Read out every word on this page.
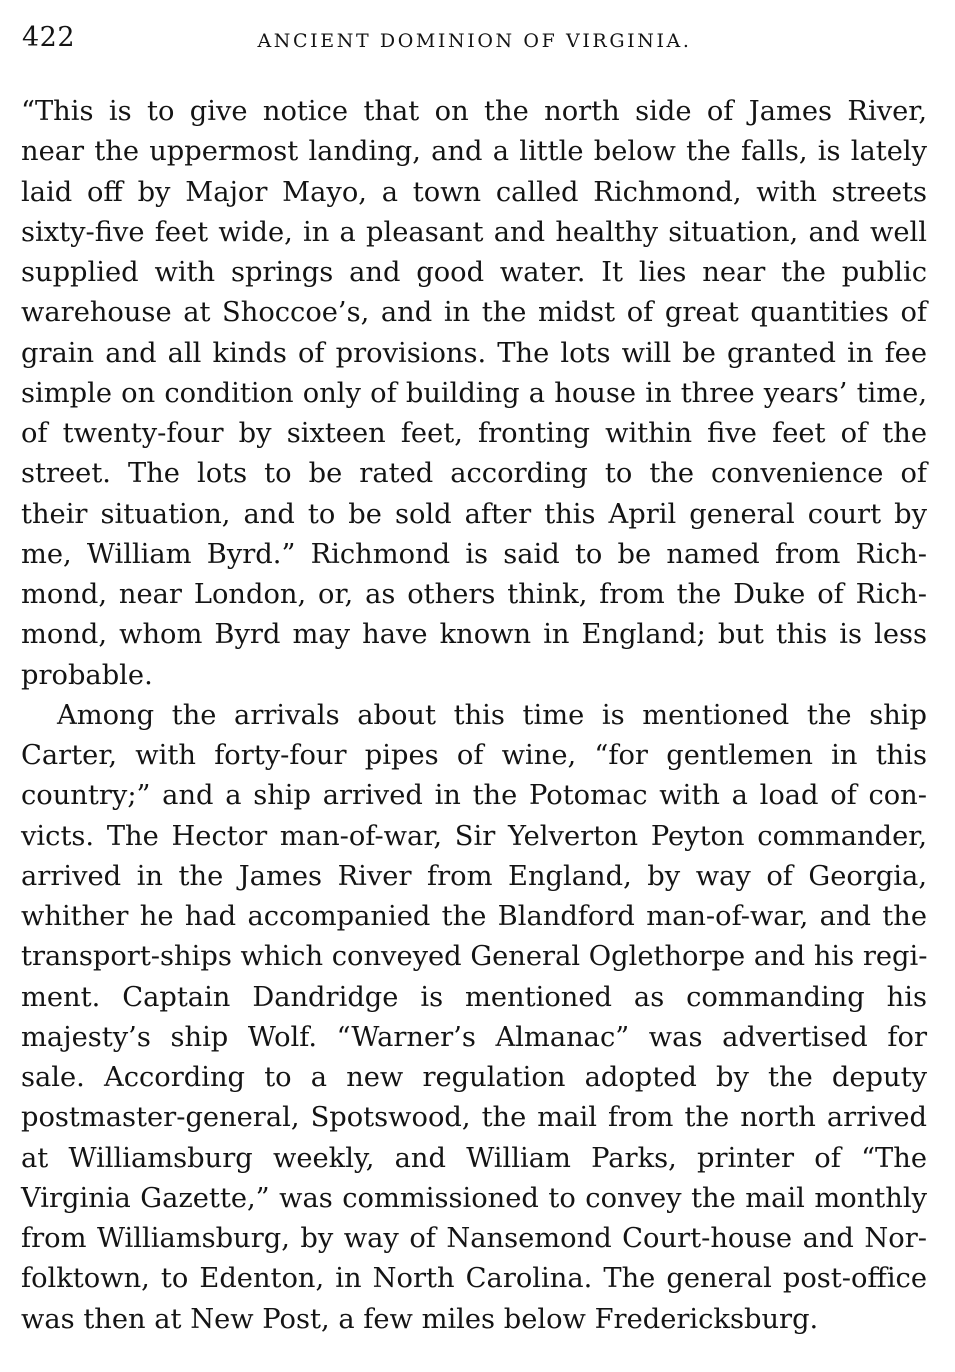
422	ANCIENT DOMINION OF VIRGINIA.
“This is to give notice that on the north side of James River,
near the uppermost landing, and a little below the falls, is lately
laid off by Major Mayo, a town called Richmond, with streets
sixty-five feet wide, in a pleasant and healthy situation, and well
supplied with springs and good water. It lies near the public
warehouse at Shoccoe’s, and in the midst of great quantities of
grain and all kinds of provisions. The lots will be granted in fee
simple on condition only of building a house in three years’ time,
of twenty-four by sixteen feet, fronting within five feet of the
street. The lots to be rated according to the convenience of
their situation, and to be sold after this April general court by
me, William Byrd.” Richmond is said to be named from Rich-
mond, near London, or, as others think, from the Duke of Rich-
mond, whom Byrd may have known in England; but this is less
probable.
Among the arrivals about this time is mentioned the ship
Carter, with forty-four pipes of wine, “for gentlemen in this
country;” and a ship arrived in the Potomac with a load of con-
victs. The Hector man-of-war, Sir Yelverton Peyton commander,
arrived in the James River from England, by way of Georgia,
whither he had accompanied the Blandford man-of-war, and the
transport-ships which conveyed General Oglethorpe and his regi-
ment. Captain Dandridge is mentioned as commanding his
majesty’s ship Wolf. “Warner’s Almanac” was advertised for
sale. According to a new regulation adopted by the deputy
postmaster-general, Spotswood, the mail from the north arrived
at Williamsburg weekly, and William Parks, printer of “The
Virginia Gazette,” was commissioned to convey the mail monthly
from Williamsburg, by way of Nansemond Court-house and Nor-
folktown, to Edenton, in North Carolina. The general post-office
was then at New Post, a few miles below Fredericksburg.
